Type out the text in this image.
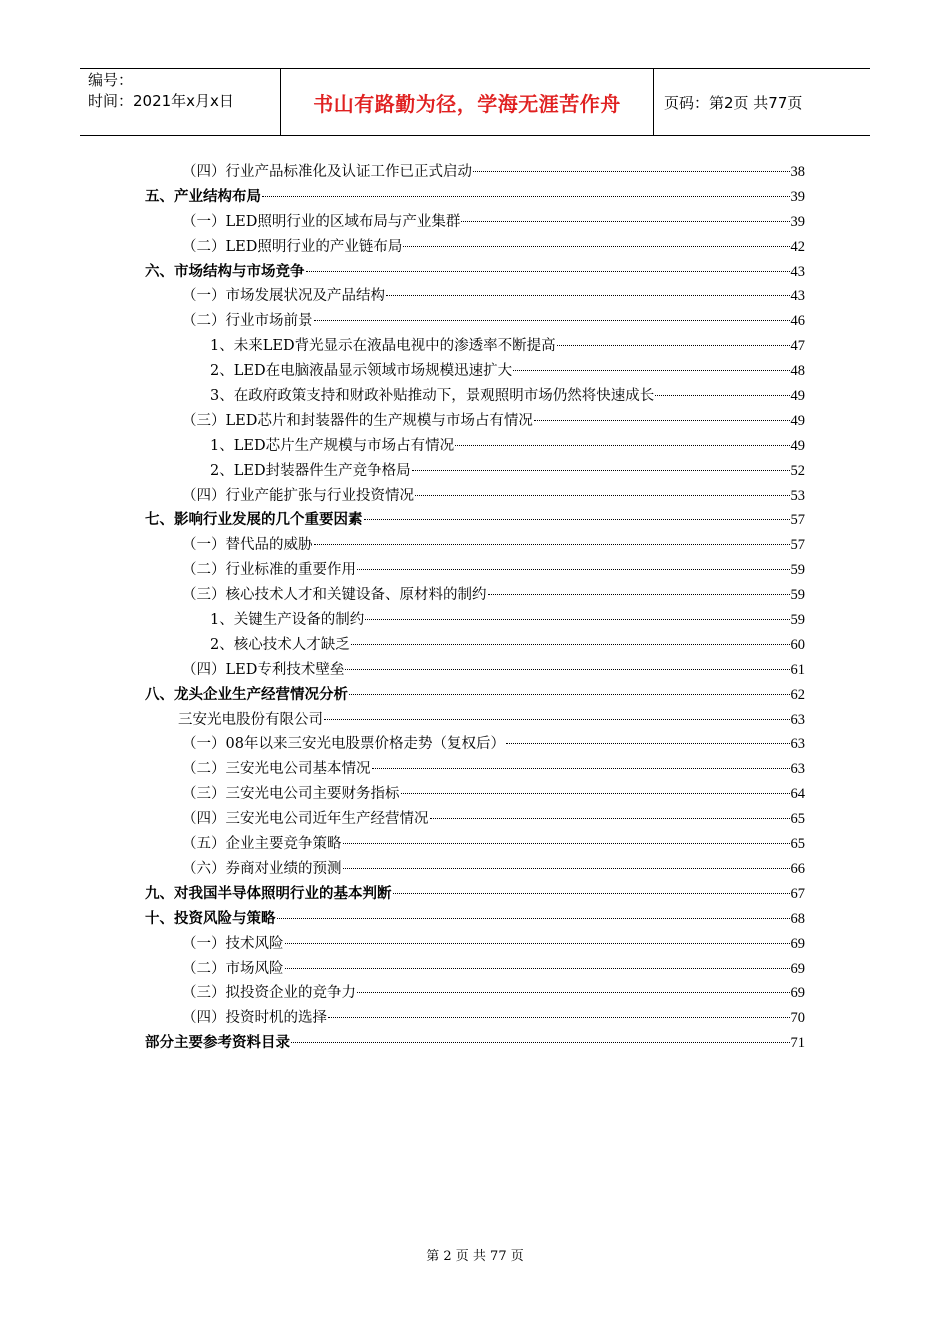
编号：
时间：2021年x月x日	书山有路勤为径，学海无涯苦作舟	页码：第2页 共77页
（四）行业产品标准化及认证工作已正式启动	38
五、产业结构布局	39
（一）LED照明行业的区域布局与产业集群	39
（二）LED照明行业的产业链布局	42
六、市场结构与市场竞争	43
（一）市场发展状况及产品结构	43
（二）行业市场前景	46
1、未来LED背光显示在液晶电视中的渗透率不断提高	47
2、LED在电脑液晶显示领域市场规模迅速扩大	48
3、在政府政策支持和财政补贴推动下，景观照明市场仍然将快速成长	49
（三）LED芯片和封装器件的生产规模与市场占有情况	49
1、LED芯片生产规模与市场占有情况	49
2、LED封装器件生产竞争格局	52
（四）行业产能扩张与行业投资情况	53
七、影响行业发展的几个重要因素	57
（一）替代品的威胁	57
（二）行业标准的重要作用	59
（三）核心技术人才和关键设备、原材料的制约	59
1、关键生产设备的制约	59
2、核心技术人才缺乏	60
（四）LED专利技术壁垒	61
八、龙头企业生产经营情况分析	62
三安光电股份有限公司	63
（一）08年以来三安光电股票价格走势（复权后）	63
（二）三安光电公司基本情况	63
（三）三安光电公司主要财务指标	64
（四）三安光电公司近年生产经营情况	65
（五）企业主要竞争策略	65
（六）券商对业绩的预测	66
九、对我国半导体照明行业的基本判断	67
十、投资风险与策略	68
（一）技术风险	69
（二）市场风险	69
（三）拟投资企业的竞争力	69
（四）投资时机的选择	70
部分主要参考资料目录	71
第 2 页 共 77 页
